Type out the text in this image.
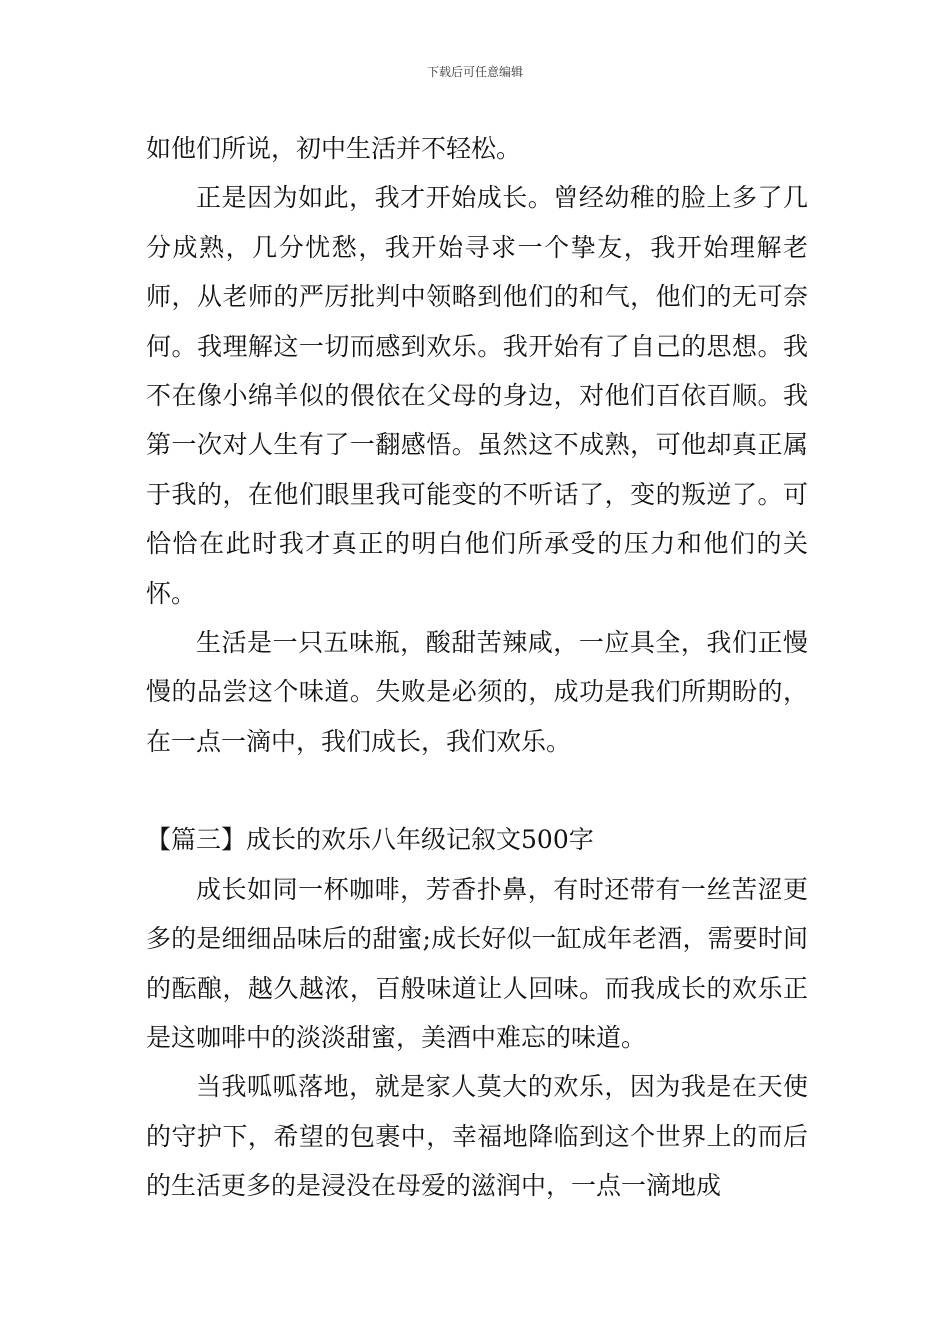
下载后可任意编辑

如他们所说，初中生活并不轻松。

正是因为如此，我才开始成长。曾经幼稚的脸上多了几分成熟，几分忧愁，我开始寻求一个挚友，我开始理解老师，从老师的严厉批判中领略到他们的和气，他们的无可奈何。我理解这一切而感到欢乐。我开始有了自己的思想。我不在像小绵羊似的偎依在父母的身边，对他们百依百顺。我第一次对人生有了一翻感悟。虽然这不成熟，可他却真正属于我的，在他们眼里我可能变的不听话了，变的叛逆了。可恰恰在此时我才真正的明白他们所承受的压力和他们的关怀。

生活是一只五味瓶，酸甜苦辣咸，一应具全，我们正慢慢的品尝这个味道。失败是必须的，成功是我们所期盼的，在一点一滴中，我们成长，我们欢乐。

【篇三】成长的欢乐八年级记叙文500字

成长如同一杯咖啡，芳香扑鼻，有时还带有一丝苦涩更多的是细细品味后的甜蜜;成长好似一缸成年老酒，需要时间的酝酿，越久越浓，百般味道让人回味。而我成长的欢乐正是这咖啡中的淡淡甜蜜，美酒中难忘的味道。

当我呱呱落地，就是家人莫大的欢乐，因为我是在天使的守护下，希望的包裹中，幸福地降临到这个世界上的而后的生活更多的是浸没在母爱的滋润中，一点一滴地成
